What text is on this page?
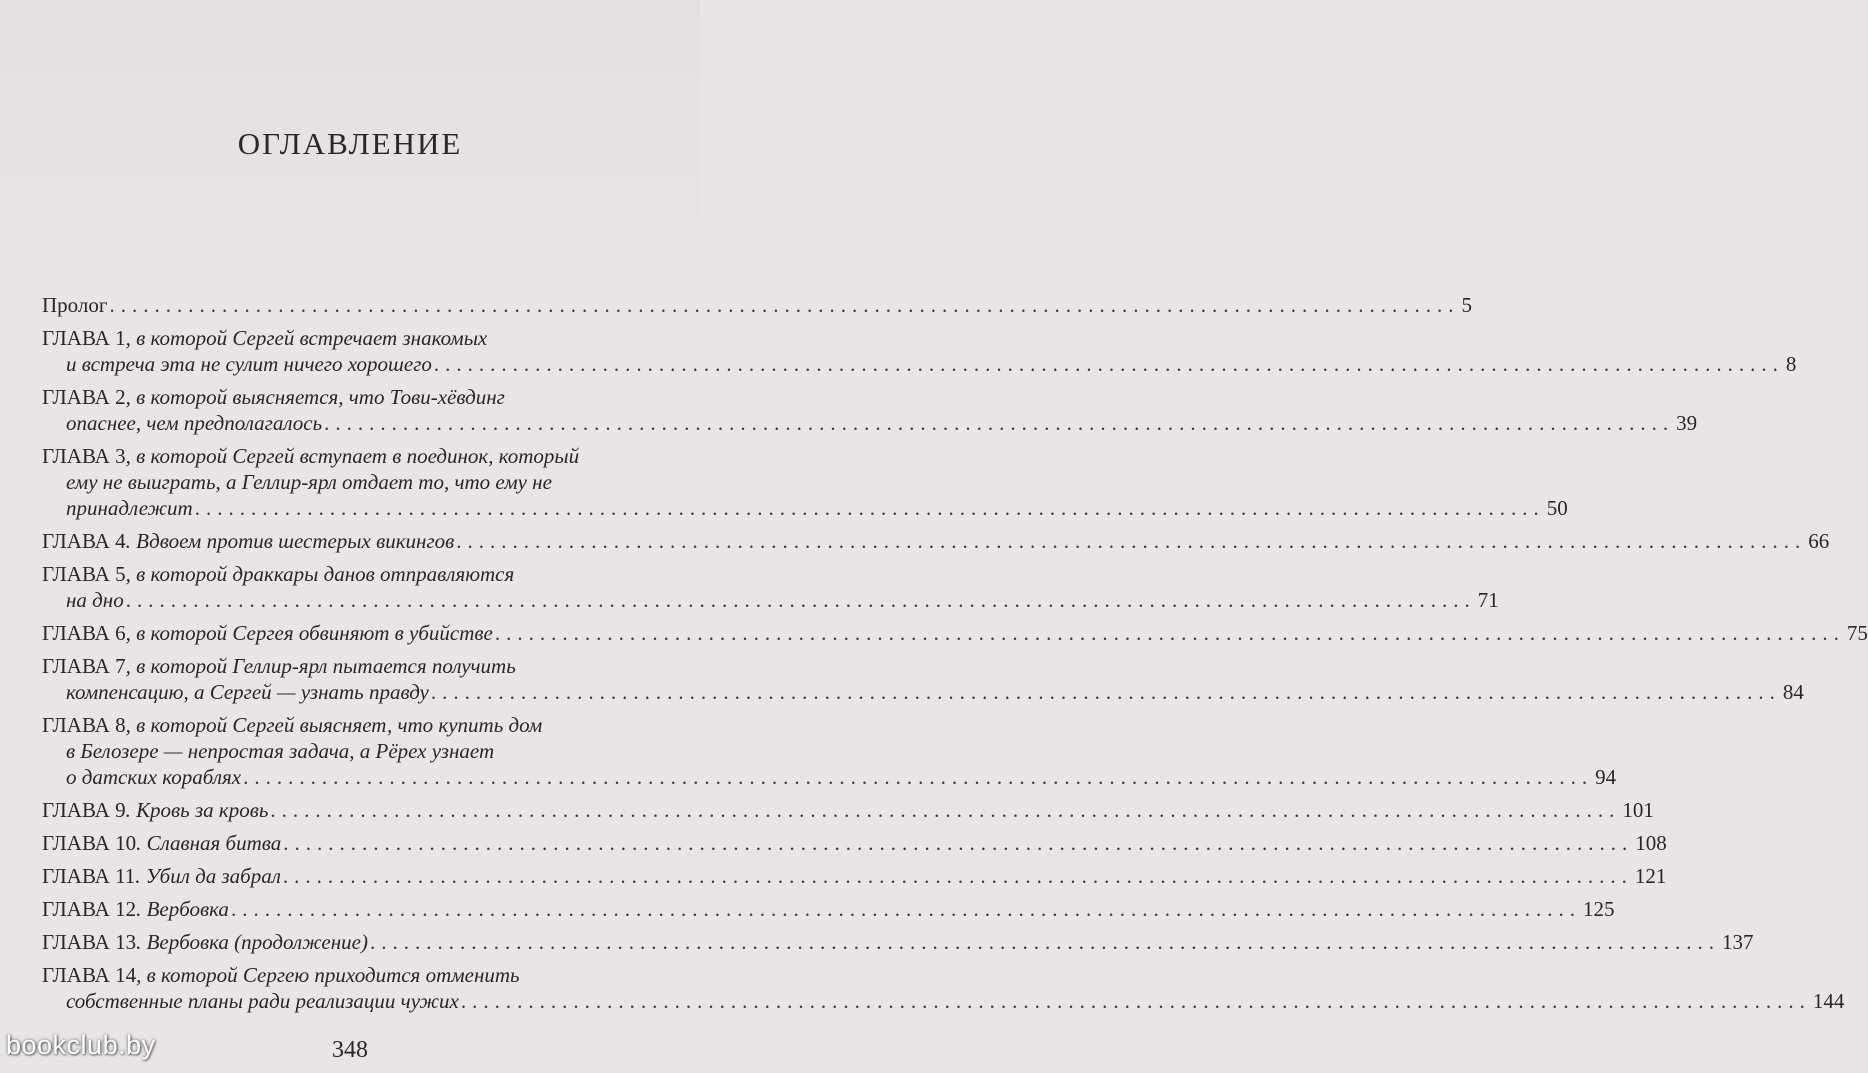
ОГЛАВЛЕНИЕ
Пролог ........................................................................................................................ 5
ГЛАВА 1, в которой Сергей встречает знакомых
и встреча эта не сулит ничего хорошего ........................................................................................................................ 8
ГЛАВА 2, в которой выясняется, что Тови-хёвдинг
опаснее, чем предполагалось ........................................................................................................................ 39
ГЛАВА 3, в которой Сергей вступает в поединок, который
ему не выиграть, а Геллир-ярл отдает то, что ему не
принадлежит ........................................................................................................................ 50
ГЛАВА 4. Вдвоем против шестерых викингов ........................................................................................................................ 66
ГЛАВА 5, в которой драккары данов отправляются
на дно ........................................................................................................................ 71
ГЛАВА 6, в которой Сергея обвиняют в убийстве ........................................................................................................................ 75
ГЛАВА 7, в которой Геллир-ярл пытается получить
компенсацию, а Сергей — узнать правду ........................................................................................................................ 84
ГЛАВА 8, в которой Сергей выясняет, что купить дом
в Белозере — непростая задача, а Рёрех узнает
о датских кораблях ........................................................................................................................ 94
ГЛАВА 9. Кровь за кровь ........................................................................................................................ 101
ГЛАВА 10. Славная битва ........................................................................................................................ 108
ГЛАВА 11. Убил да забрал ........................................................................................................................ 121
ГЛАВА 12. Вербовка ........................................................................................................................ 125
ГЛАВА 13. Вербовка (продолжение) ........................................................................................................................ 137
ГЛАВА 14, в которой Сергею приходится отменить
собственные планы ради реализации чужих ........................................................................................................................ 144
348
bookclub.by
